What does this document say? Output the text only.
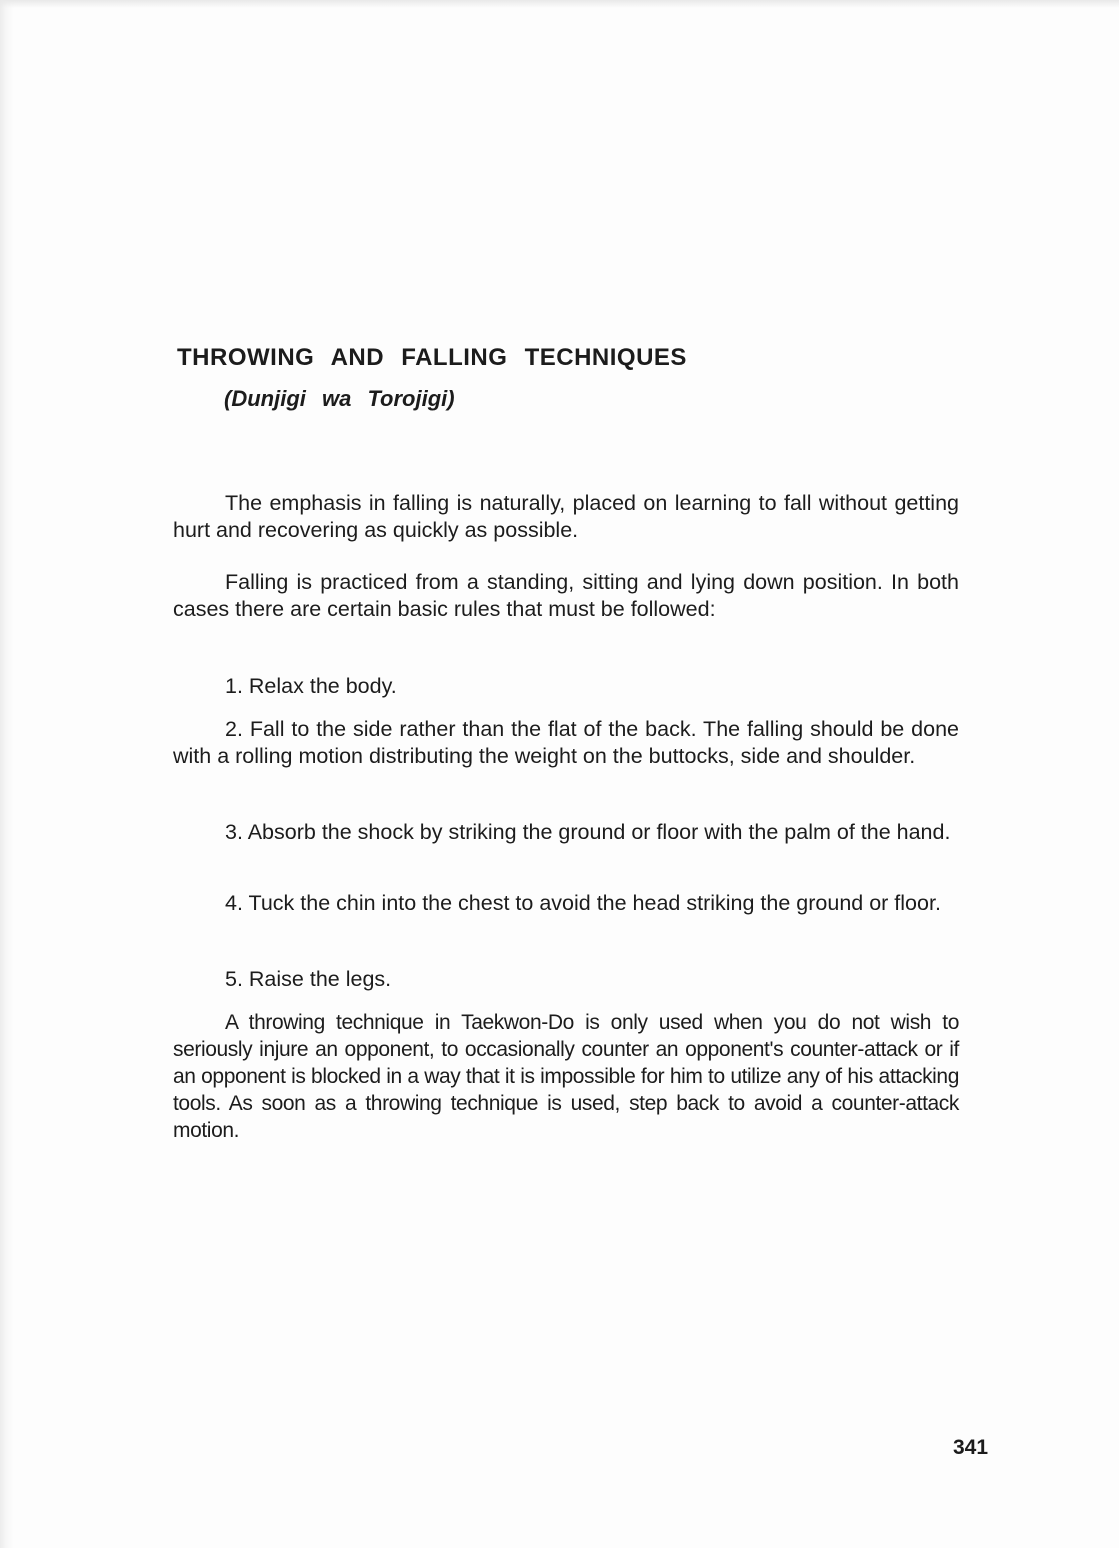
THROWING AND FALLING TECHNIQUES
(Dunjigi wa Torojigi)

The emphasis in falling is naturally, placed on learning to fall without getting hurt and recovering as quickly as possible.

Falling is practiced from a standing, sitting and lying down position. In both cases there are certain basic rules that must be followed:

1. Relax the body.

2. Fall to the side rather than the flat of the back. The falling should be done with a rolling motion distributing the weight on the buttocks, side and shoulder.

3. Absorb the shock by striking the ground or floor with the palm of the hand.

4. Tuck the chin into the chest to avoid the head striking the ground or floor.

5. Raise the legs.

A throwing technique in Taekwon-Do is only used when you do not wish to seriously injure an opponent, to occasionally counter an opponent's counter-attack or if an opponent is blocked in a way that it is impossible for him to utilize any of his attacking tools. As soon as a throwing technique is used, step back to avoid a counter-attack motion.

341
